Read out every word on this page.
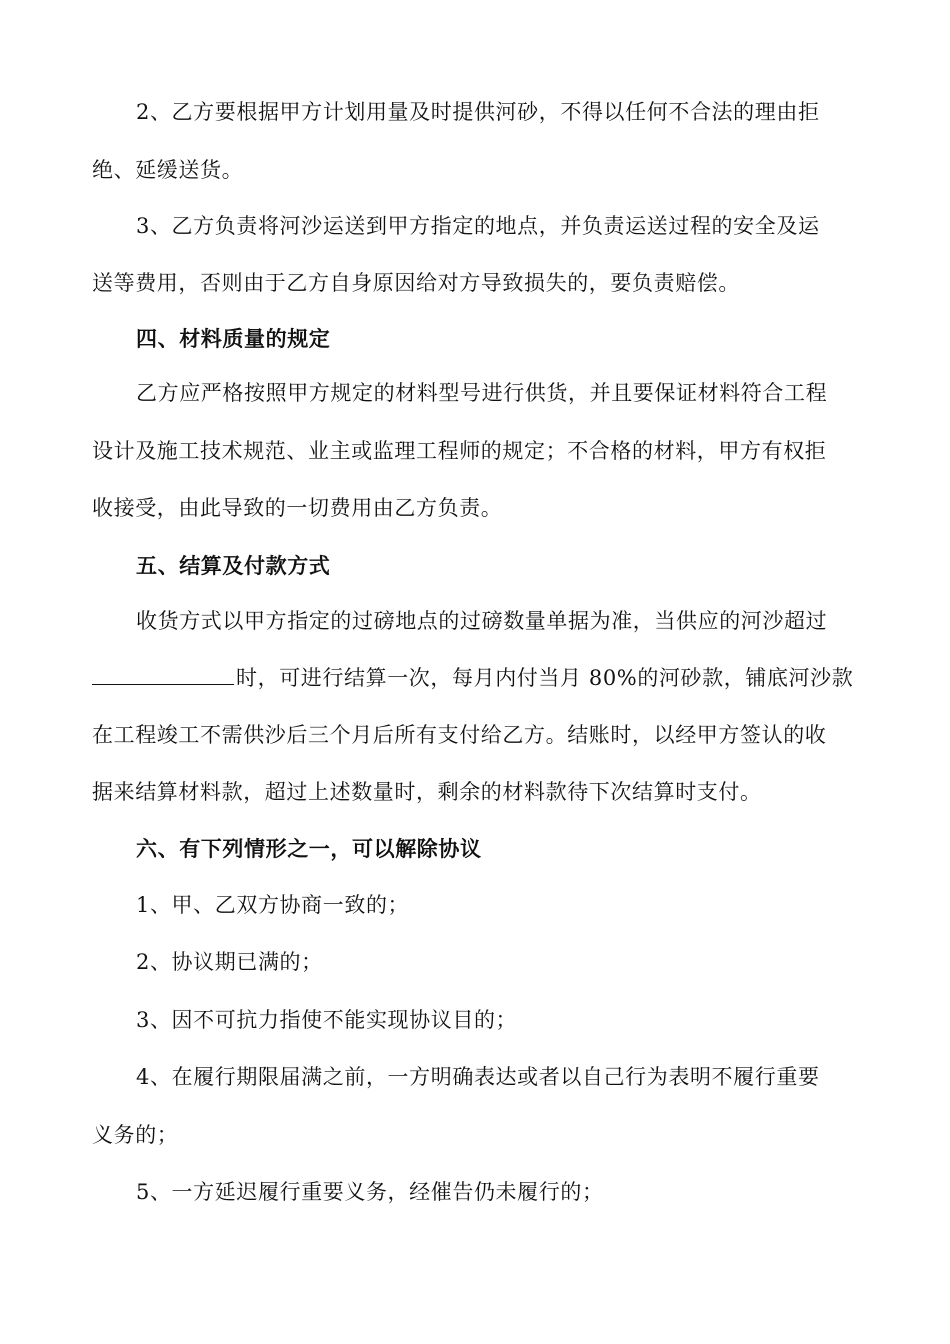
2、乙方要根据甲方计划用量及时提供河砂，不得以任何不合法的理由拒
绝、延缓送货。
3、乙方负责将河沙运送到甲方指定的地点，并负责运送过程的安全及运
送等费用，否则由于乙方自身原因给对方导致损失的，要负责赔偿。
四、材料质量的规定
乙方应严格按照甲方规定的材料型号进行供货，并且要保证材料符合工程
设计及施工技术规范、业主或监理工程师的规定；不合格的材料，甲方有权拒
收接受，由此导致的一切费用由乙方负责。
五、结算及付款方式
收货方式以甲方指定的过磅地点的过磅数量单据为准，当供应的河沙超过
时，可进行结算一次，每月内付当月 80%的河砂款，铺底河沙款
在工程竣工不需供沙后三个月后所有支付给乙方。结账时，以经甲方签认的收
据来结算材料款，超过上述数量时，剩余的材料款待下次结算时支付。
六、有下列情形之一，可以解除协议
1、甲、乙双方协商一致的；
2、协议期已满的；
3、因不可抗力指使不能实现协议目的；
4、在履行期限届满之前，一方明确表达或者以自己行为表明不履行重要
义务的；
5、一方延迟履行重要义务，经催告仍未履行的；
